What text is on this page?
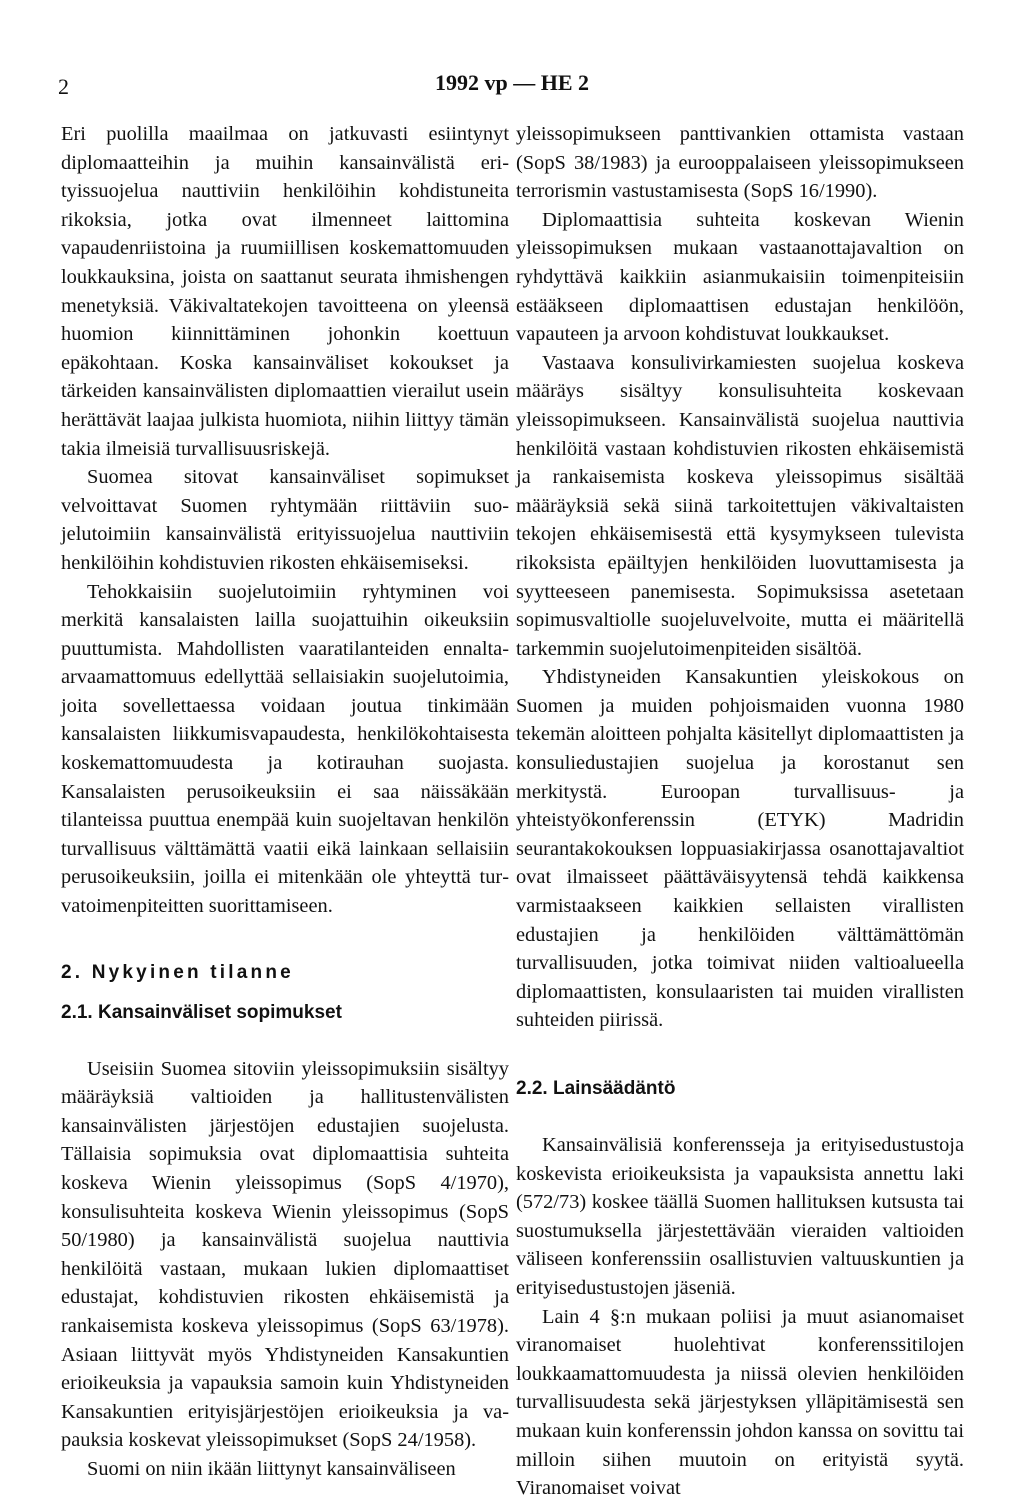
2	1992 vp — HE 2

Eri puolilla maailmaa on jatkuvasti esiintynyt diplomaatteihin ja muihin kansainvälistä erityissuojelua nauttiviin henkilöihin kohdistuneita rikoksia, jotka ovat ilmenneet laittomina vapaudenriistoina ja ruumiillisen koskemattomuuden loukkauksina, joista on saattanut seurata ihmishengen menetyksiä. Väkivaltatekojen tavoitteena on yleensä huomion kiinnittäminen johonkin koettuun epäkohtaan. Koska kansainväliset kokoukset ja tärkeiden kansainvälisten diplomaattien vierailut usein herättävät laajaa julkista huomiota, niihin liittyy tämän takia ilmeisiä turvallisuusriskejä.

Suomea sitovat kansainväliset sopimukset velvoittavat Suomen ryhtymään riittäviin suojelutoimiin kansainvälistä erityissuojelua nauttiviin henkilöihin kohdistuvien rikosten ehkäisemiseksi.

Tehokkaisiin suojelutoimiin ryhtyminen voi merkitä kansalaisten lailla suojattuihin oikeuksiin puuttumista. Mahdollisten vaaratilanteiden ennalta-arvaamattomuus edellyttää sellaisiakin suojelutoimia, joita sovellettaessa voidaan joutua tinkimään kansalaisten liikkumisvapaudesta, henkilökohtaisesta koskemattomuudesta ja kotirauhan suojasta. Kansalaisten perusoikeuksiin ei saa näissäkään tilanteissa puuttua enempää kuin suojeltavan henkilön turvallisuus välttämättä vaatii eikä lainkaan sellaisiin perusoikeuksiin, joilla ei mitenkään ole yhteyttä turvatoimenpiteitten suorittamiseen.

2. Nykyinen tilanne
2.1. Kansainväliset sopimukset

Useisiin Suomea sitoviin yleissopimuksiin sisältyy määräyksiä valtioiden ja hallitustenvälisten kansainvälisten järjestöjen edustajien suojelusta. Tällaisia sopimuksia ovat diplomaattisia suhteita koskeva Wienin yleissopimus (SopS 4/1970), konsulisuhteita koskeva Wienin yleissopimus (SopS 50/1980) ja kansainvälistä suojelua nauttivia henkilöitä vastaan, mukaan lukien diplomaattiset edustajat, kohdistuvien rikosten ehkäisemistä ja rankaisemista koskeva yleissopimus (SopS 63/1978). Asiaan liittyvät myös Yhdistyneiden Kansakuntien erioikeuksia ja vapauksia samoin kuin Yhdistyneiden Kansakuntien erityisjärjestöjen erioikeuksia ja vapauksia koskevat yleissopimukset (SopS 24/1958).

Suomi on niin ikään liittynyt kansainväliseen

yleissopimukseen panttivankien ottamista vastaan (SopS 38/1983) ja eurooppalaiseen yleissopimukseen terrorismin vastustamisesta (SopS 16/1990).

Diplomaattisia suhteita koskevan Wienin yleissopimuksen mukaan vastaanottajavaltion on ryhdyttävä kaikkiin asianmukaisiin toimenpiteisiin estääkseen diplomaattisen edustajan henkilöön, vapauteen ja arvoon kohdistuvat loukkaukset.

Vastaava konsulivirkamiesten suojelua koskeva määräys sisältyy konsulisuhteita koskevaan yleissopimukseen. Kansainvälistä suojelua nauttivia henkilöitä vastaan kohdistuvien rikosten ehkäisemistä ja rankaisemista koskeva yleissopimus sisältää määräyksiä sekä siinä tarkoitettujen väkivaltaisten tekojen ehkäisemisestä että kysymykseen tulevista rikoksista epäiltyjen henkilöiden luovuttamisesta ja syytteeseen panemisesta. Sopimuksissa asetetaan sopimusvaltiolle suojeluvelvoite, mutta ei määritellä tarkemmin suojelutoimenpiteiden sisältöä.

Yhdistyneiden Kansakuntien yleiskokous on Suomen ja muiden pohjoismaiden vuonna 1980 tekemän aloitteen pohjalta käsitellyt diplomaattisten ja konsuliedustajien suojelua ja korostanut sen merkitystä. Euroopan turvallisuus- ja yhteistyökonferenssin (ETYK) Madridin seurantakokouksen loppuasiakirjassa osanottajavaltiot ovat ilmaisseet päättäväisyytensä tehdä kaikkensa varmistaakseen kaikkien sellaisten virallisten edustajien ja henkilöiden välttämättömän turvallisuuden, jotka toimivat niiden valtioalueella diplomaattisten, konsulaaristen tai muiden virallisten suhteiden piirissä.

2.2. Lainsäädäntö

Kansainvälisiä konferensseja ja erityisedustustoja koskevista erioikeuksista ja vapauksista annettu laki (572/73) koskee täällä Suomen hallituksen kutsusta tai suostumuksella järjestettävään vieraiden valtioiden väliseen konferenssiin osallistuvien valtuuskuntien ja erityisedustustojen jäseniä.

Lain 4 §:n mukaan poliisi ja muut asianomaiset viranomaiset huolehtivat konferenssitilojen loukkaamattomuudesta ja niissä olevien henkilöiden turvallisuudesta sekä järjestyksen ylläpitämisestä sen mukaan kuin konferenssin johdon kanssa on sovittu tai milloin siihen muutoin on erityistä syytä. Viranomaiset voivat
